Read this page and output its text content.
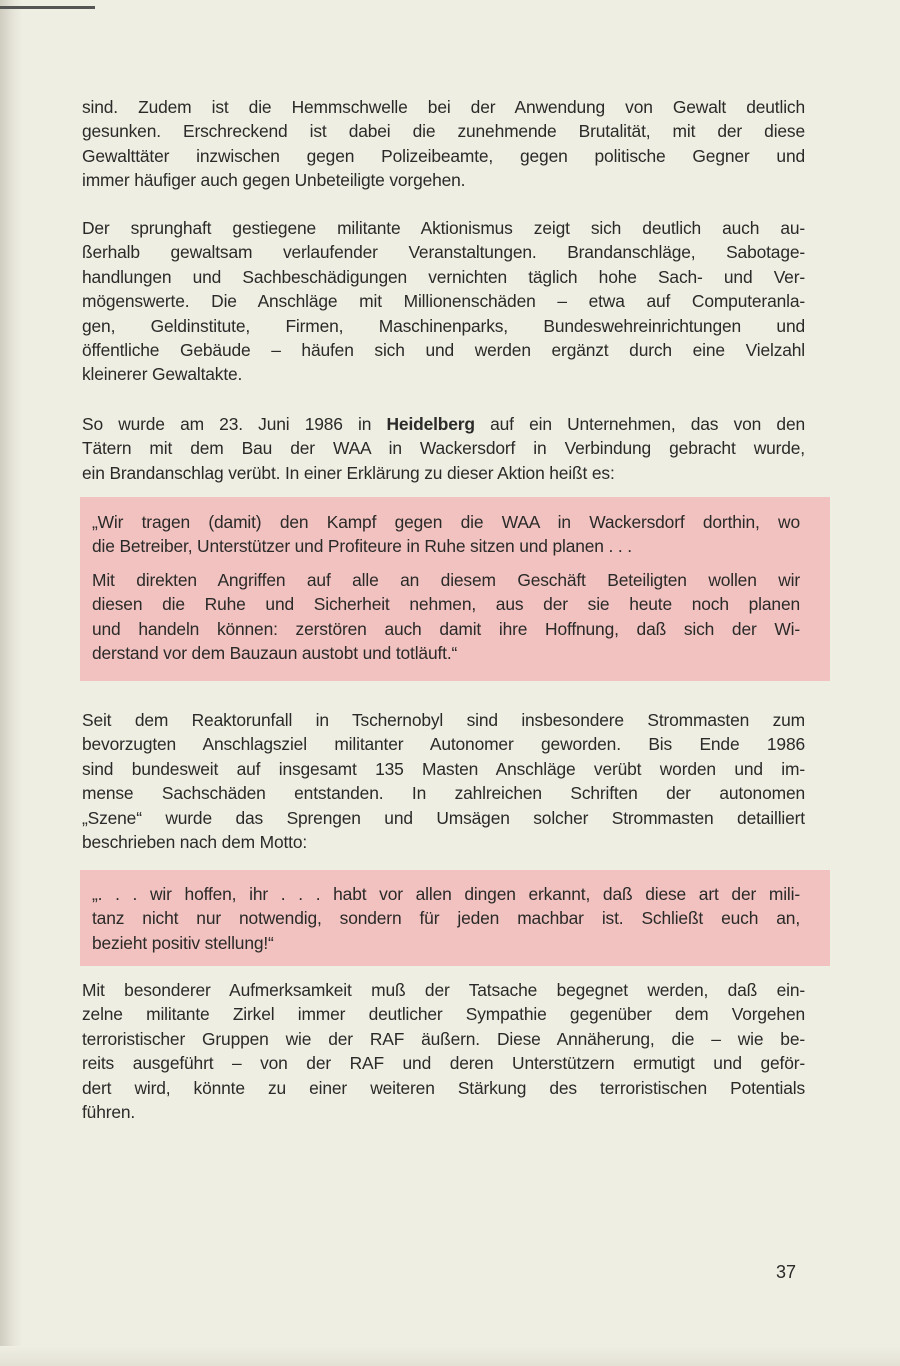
sind. Zudem ist die Hemmschwelle bei der Anwendung von Gewalt deutlich
gesunken. Erschreckend ist dabei die zunehmende Brutalität, mit der diese
Gewalttäter inzwischen gegen Polizeibeamte, gegen politische Gegner und
immer häufiger auch gegen Unbeteiligte vorgehen.
Der sprunghaft gestiegene militante Aktionismus zeigt sich deutlich auch au-
ßerhalb gewaltsam verlaufender Veranstaltungen. Brandanschläge, Sabotage-
handlungen und Sachbeschädigungen vernichten täglich hohe Sach- und Ver-
mögenswerte. Die Anschläge mit Millionenschäden – etwa auf Computeranla-
gen, Geldinstitute, Firmen, Maschinenparks, Bundeswehreinrichtungen und
öffentliche Gebäude – häufen sich und werden ergänzt durch eine Vielzahl
kleinerer Gewaltakte.
So wurde am 23. Juni 1986 in Heidelberg auf ein Unternehmen, das von den
Tätern mit dem Bau der WAA in Wackersdorf in Verbindung gebracht wurde,
ein Brandanschlag verübt. In einer Erklärung zu dieser Aktion heißt es:
„Wir tragen (damit) den Kampf gegen die WAA in Wackersdorf dorthin, wo
die Betreiber, Unterstützer und Profiteure in Ruhe sitzen und planen . . .
Mit direkten Angriffen auf alle an diesem Geschäft Beteiligten wollen wir
diesen die Ruhe und Sicherheit nehmen, aus der sie heute noch planen
und handeln können: zerstören auch damit ihre Hoffnung, daß sich der Wi-
derstand vor dem Bauzaun austobt und totläuft.“
Seit dem Reaktorunfall in Tschernobyl sind insbesondere Strommasten zum
bevorzugten Anschlagsziel militanter Autonomer geworden. Bis Ende 1986
sind bundesweit auf insgesamt 135 Masten Anschläge verübt worden und im-
mense Sachschäden entstanden. In zahlreichen Schriften der autonomen
„Szene“ wurde das Sprengen und Umsägen solcher Strommasten detailliert
beschrieben nach dem Motto:
„. . . wir hoffen, ihr . . . habt vor allen dingen erkannt, daß diese art der mili-
tanz nicht nur notwendig, sondern für jeden machbar ist. Schließt euch an,
bezieht positiv stellung!“
Mit besonderer Aufmerksamkeit muß der Tatsache begegnet werden, daß ein-
zelne militante Zirkel immer deutlicher Sympathie gegenüber dem Vorgehen
terroristischer Gruppen wie der RAF äußern. Diese Annäherung, die – wie be-
reits ausgeführt – von der RAF und deren Unterstützern ermutigt und geför-
dert wird, könnte zu einer weiteren Stärkung des terroristischen Potentials
führen.
37
